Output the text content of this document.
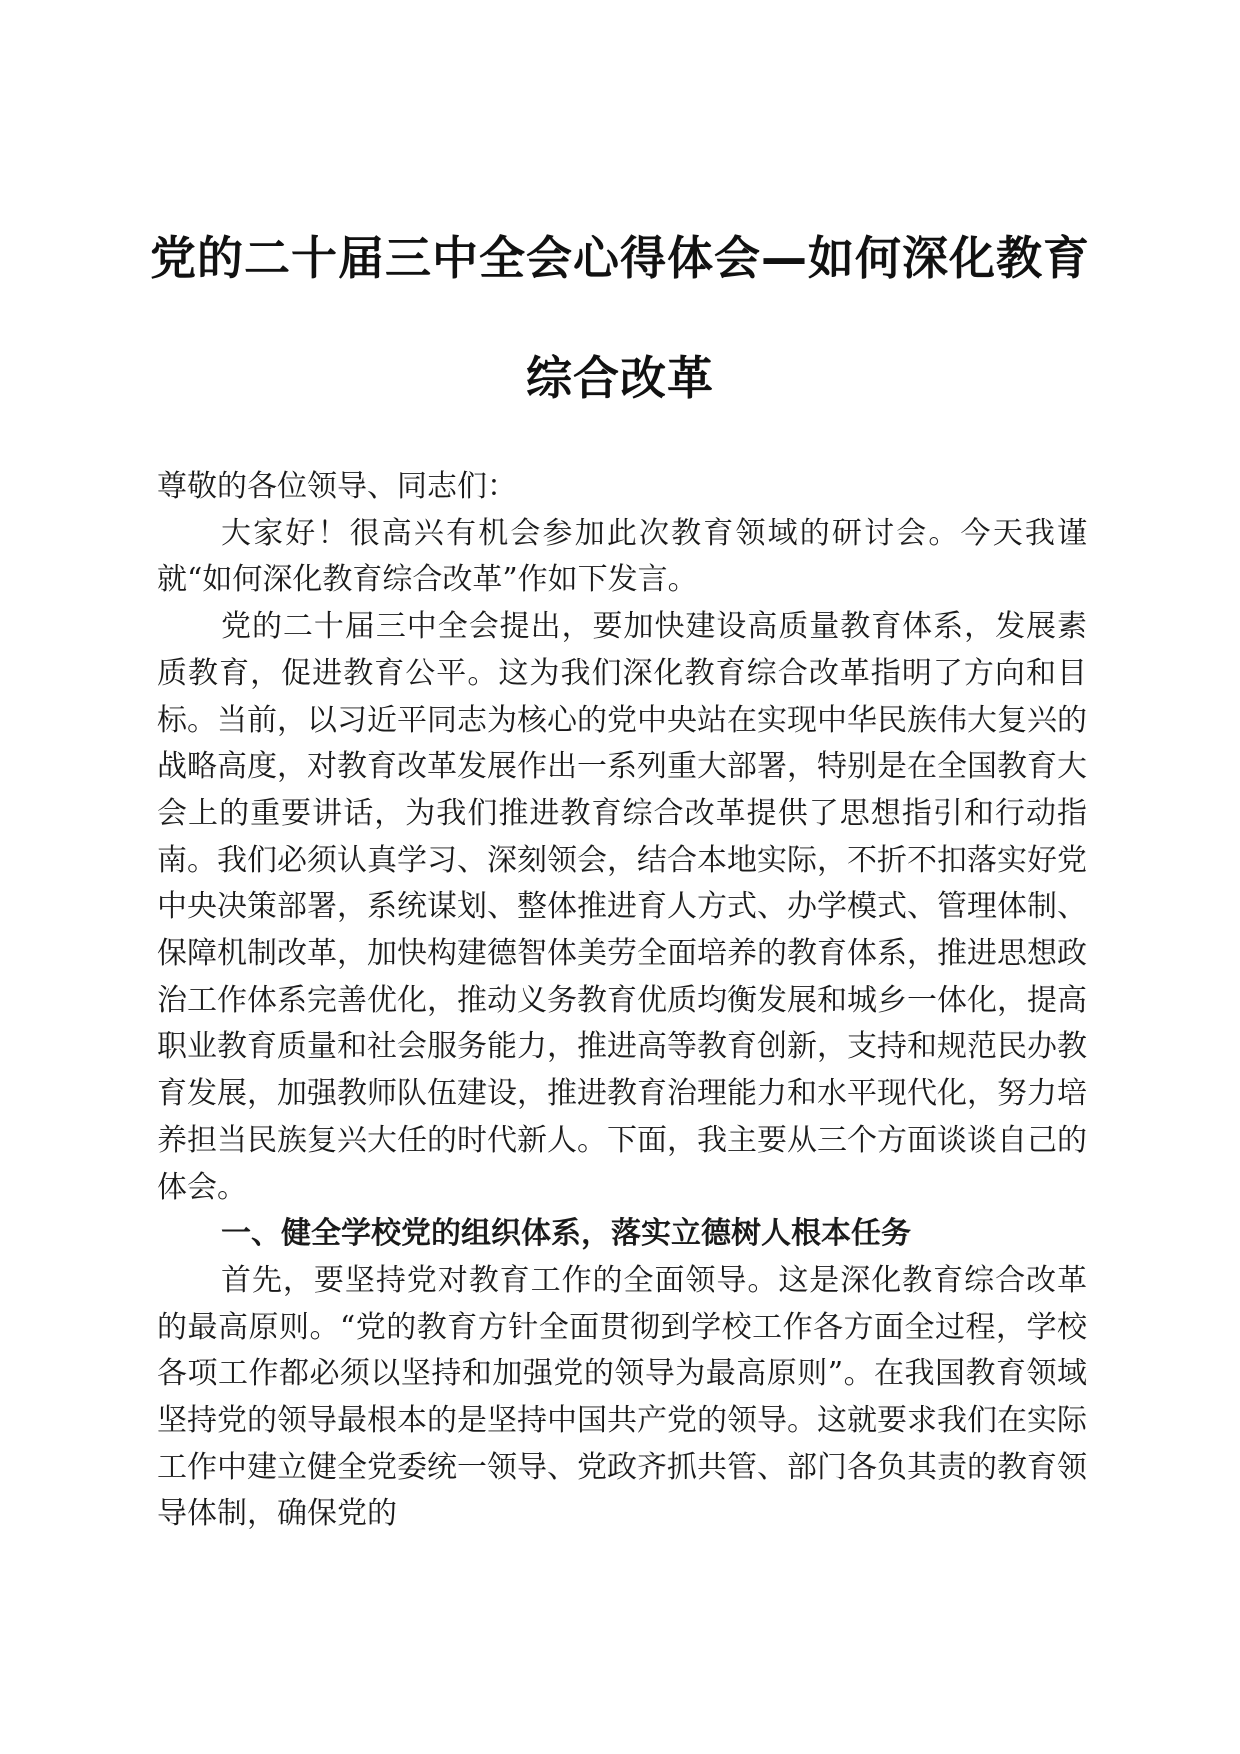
党的二十届三中全会心得体会—如何深化教育
综合改革

尊敬的各位领导、同志们：

大家好！很高兴有机会参加此次教育领域的研讨会。今天我谨就“如何深化教育综合改革”作如下发言。

党的二十届三中全会提出，要加快建设高质量教育体系，发展素质教育，促进教育公平。这为我们深化教育综合改革指明了方向和目标。当前，以习近平同志为核心的党中央站在实现中华民族伟大复兴的战略高度，对教育改革发展作出一系列重大部署，特别是在全国教育大会上的重要讲话，为我们推进教育综合改革提供了思想指引和行动指南。我们必须认真学习、深刻领会，结合本地实际，不折不扣落实好党中央决策部署，系统谋划、整体推进育人方式、办学模式、管理体制、保障机制改革，加快构建德智体美劳全面培养的教育体系，推进思想政治工作体系完善优化，推动义务教育优质均衡发展和城乡一体化，提高职业教育质量和社会服务能力，推进高等教育创新，支持和规范民办教育发展，加强教师队伍建设，推进教育治理能力和水平现代化，努力培养担当民族复兴大任的时代新人。下面，我主要从三个方面谈谈自己的体会。

一、健全学校党的组织体系，落实立德树人根本任务

首先，要坚持党对教育工作的全面领导。这是深化教育综合改革的最高原则。“党的教育方针全面贯彻到学校工作各方面全过程，学校各项工作都必须以坚持和加强党的领导为最高原则”。在我国教育领域坚持党的领导最根本的是坚持中国共产党的领导。这就要求我们在实际工作中建立健全党委统一领导、党政齐抓共管、部门各负其责的教育领导体制，确保党的
